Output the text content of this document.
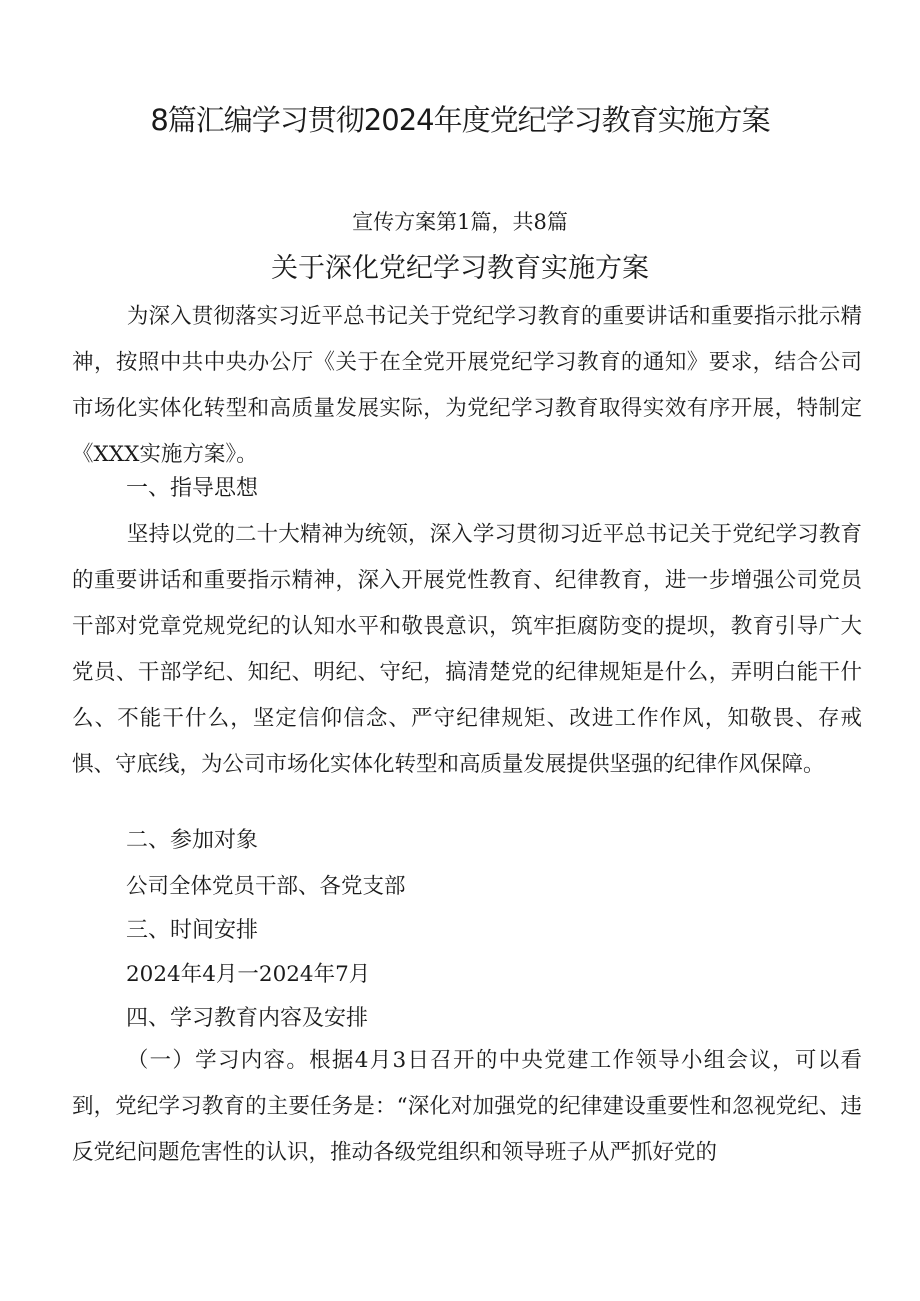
8篇汇编学习贯彻2024年度党纪学习教育实施方案
宣传方案第1篇，共8篇
关于深化党纪学习教育实施方案

为深入贯彻落实习近平总书记关于党纪学习教育的重要讲话和重要指示批示精神，按照中共中央办公厅《关于在全党开展党纪学习教育的通知》要求，结合公司市场化实体化转型和高质量发展实际，为党纪学习教育取得实效有序开展，特制定《XXX实施方案》。

一、指导思想

坚持以党的二十大精神为统领，深入学习贯彻习近平总书记关于党纪学习教育的重要讲话和重要指示精神，深入开展党性教育、纪律教育，进一步增强公司党员干部对党章党规党纪的认知水平和敬畏意识，筑牢拒腐防变的提坝，教育引导广大党员、干部学纪、知纪、明纪、守纪，搞清楚党的纪律规矩是什么，弄明白能干什么、不能干什么，坚定信仰信念、严守纪律规矩、改进工作作风，知敬畏、存戒惧、守底线，为公司市场化实体化转型和高质量发展提供坚强的纪律作风保障。

二、参加对象

公司全体党员干部、各党支部

三、时间安排

2024年4月一2024年7月

四、学习教育内容及安排

（一）学习内容。根据4月3日召开的中央党建工作领导小组会议，可以看到，党纪学习教育的主要任务是：“深化对加强党的纪律建设重要性和忽视党纪、违反党纪问题危害性的认识，推动各级党组织和领导班子从严抓好党的
